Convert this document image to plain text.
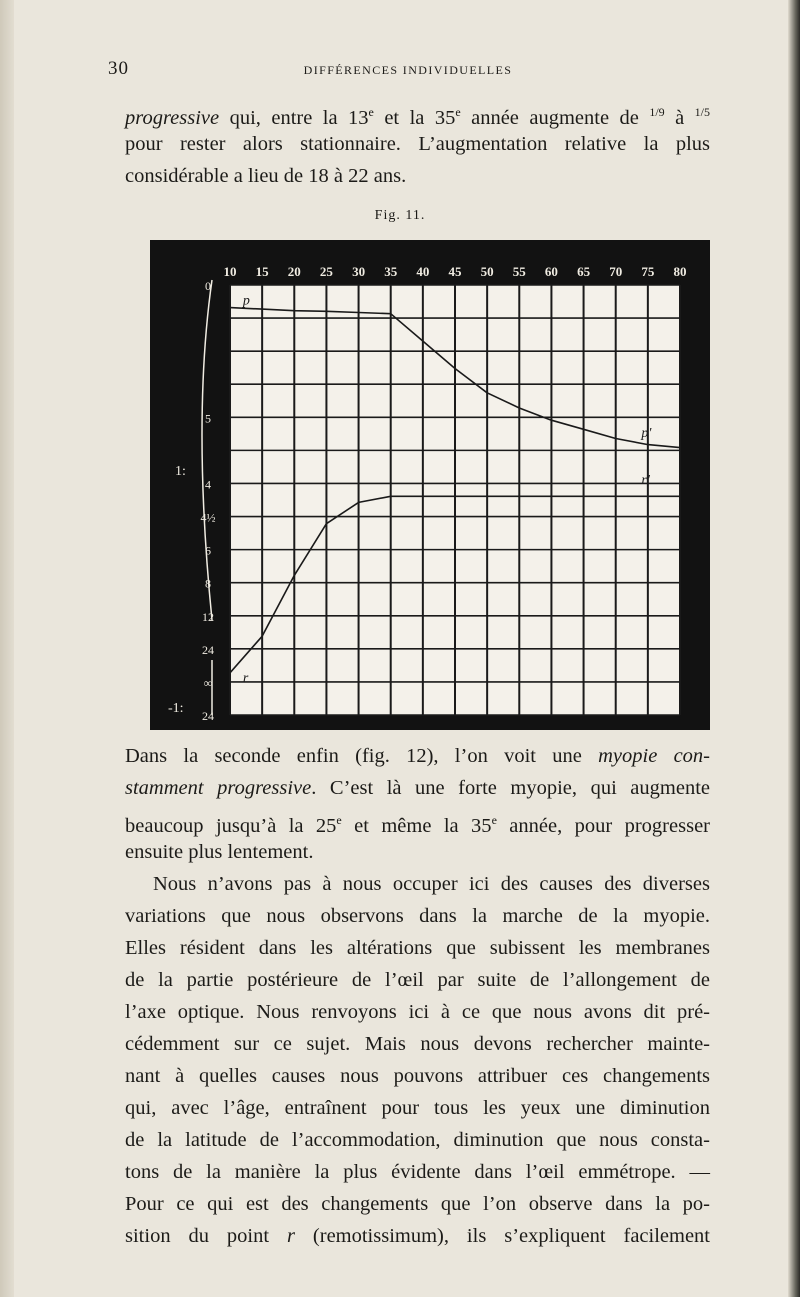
30	DIFFÉRENCES INDIVIDUELLES
progressive qui, entre la 13e et la 35e année augmente de $^{1/9}$ à $^{1/5}$
pour rester alors stationnaire. L’augmentation relative la plus
considérable a lieu de 18 à 22 ans.
Fig. 11.
10 15 20 25 30 35 40 45 50 55 60 65 70 75 80
0
5
4
4½
6
8
12
24
∞
24
1:
-1:
p
p'
r
r'
Dans la seconde enfin (fig. 12), l’on voit une myopie con-
stamment progressive. C’est là une forte myopie, qui augmente
beaucoup jusqu’à la 25e et même la 35e année, pour progresser
ensuite plus lentement.
Nous n’avons pas à nous occuper ici des causes des diverses
variations que nous observons dans la marche de la myopie.
Elles résident dans les altérations que subissent les membranes
de la partie postérieure de l’œil par suite de l’allongement de
l’axe optique. Nous renvoyons ici à ce que nous avons dit pré-
cédemment sur ce sujet. Mais nous devons rechercher mainte-
nant à quelles causes nous pouvons attribuer ces changements
qui, avec l’âge, entraînent pour tous les yeux une diminution
de la latitude de l’accommodation, diminution que nous consta-
tons de la manière la plus évidente dans l’œil emmétrope. —
Pour ce qui est des changements que l’on observe dans la po-
sition du point r (remotissimum), ils s’expliquent facilement
